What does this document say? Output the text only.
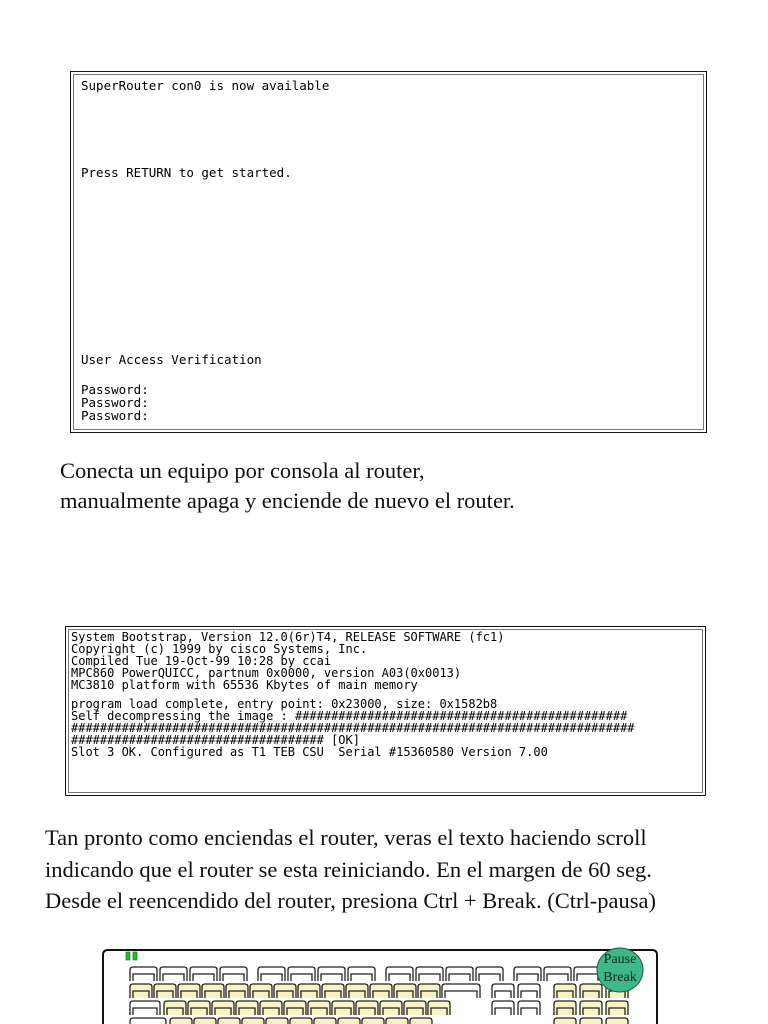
SuperRouter con0 is now available
Press RETURN to get started.
User Access Verification
Password:
Password:
Password:
Conecta un equipo por consola al router,
manualmente apaga y enciende de nuevo el router.
System Bootstrap, Version 12.0(6r)T4, RELEASE SOFTWARE (fc1)
Copyright (c) 1999 by cisco Systems, Inc.
Compiled Tue 19-Oct-99 10:28 by ccai
MPC860 PowerQUICC, partnum 0x0000, version A03(0x0013)
MC3810 platform with 65536 Kbytes of main memory
program load complete, entry point: 0x23000, size: 0x1582b8
Self decompressing the image : ##############################################
##############################################################################
################################### [OK]
Slot 3 OK. Configured as T1 TEB CSU  Serial #15360580 Version 7.00
Tan pronto como enciendas el router, veras el texto haciendo scroll
indicando que el router se esta reiniciando. En el margen de 60 seg.
Desde el reencendido del router, presiona Ctrl + Break. (Ctrl-pausa)
Pause
Break
